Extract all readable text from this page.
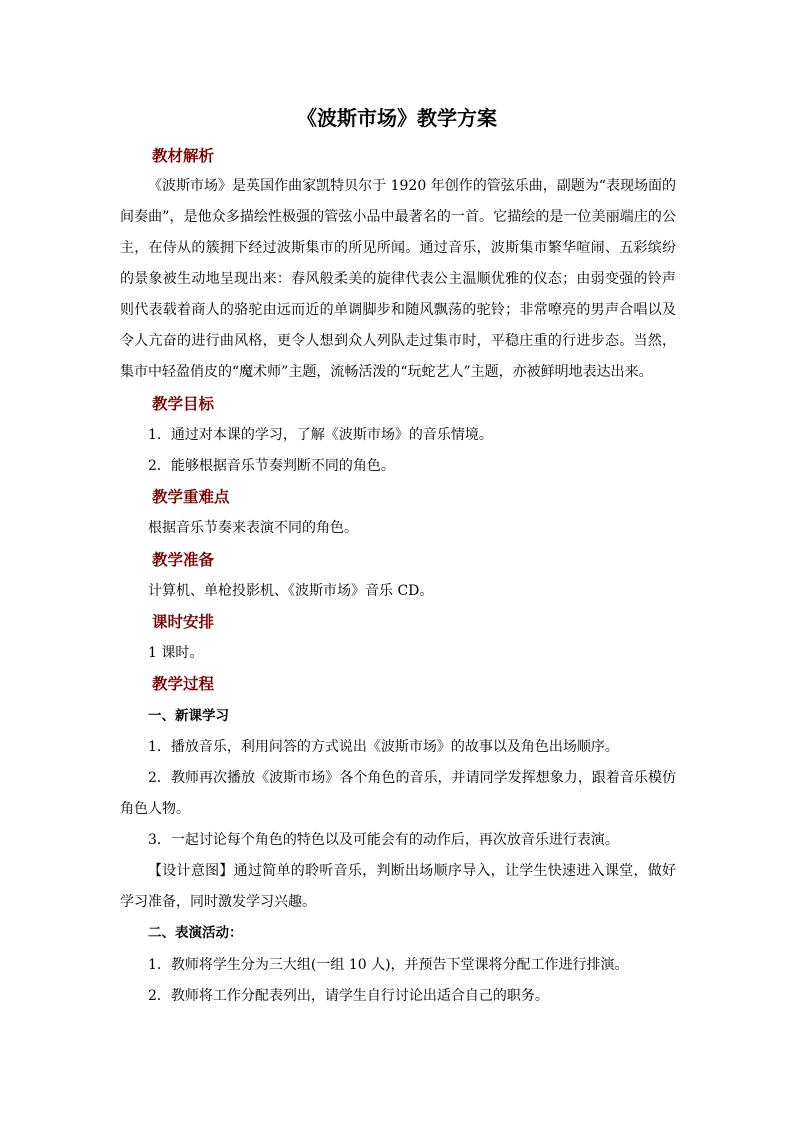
《波斯市场》教学方案
教材解析
《波斯市场》是英国作曲家凯特贝尔于 1920 年创作的管弦乐曲，副题为“表现场面的间奏曲”，是他众多描绘性极强的管弦小品中最著名的一首。它描绘的是一位美丽端庄的公主，在侍从的簇拥下经过波斯集市的所见所闻。通过音乐，波斯集市繁华喧闹、五彩缤纷的景象被生动地呈现出来：春风般柔美的旋律代表公主温顺优雅的仪态；由弱变强的铃声则代表载着商人的骆驼由远而近的单调脚步和随风飘荡的驼铃；非常嘹亮的男声合唱以及令人亢奋的进行曲风格，更令人想到众人列队走过集市时，平稳庄重的行进步态。当然，集市中轻盈俏皮的“魔术师”主题，流畅活泼的“玩蛇艺人”主题，亦被鲜明地表达出来。
教学目标
1．通过对本课的学习，了解《波斯市场》的音乐情境。
2．能够根据音乐节奏判断不同的角色。
教学重难点
根据音乐节奏来表演不同的角色。
教学准备
计算机、单枪投影机、《波斯市场》音乐 CD。
课时安排
1 课时。
教学过程
一、新课学习
1．播放音乐，利用问答的方式说出《波斯市场》的故事以及角色出场顺序。
2．教师再次播放《波斯市场》各个角色的音乐，并请同学发挥想象力，跟着音乐模仿角色人物。
3．一起讨论每个角色的特色以及可能会有的动作后，再次放音乐进行表演。
【设计意图】通过简单的聆听音乐，判断出场顺序导入，让学生快速进入课堂，做好学习准备，同时激发学习兴趣。
二、表演活动：
1．教师将学生分为三大组(一组 10 人)，并预告下堂课将分配工作进行排演。
2．教师将工作分配表列出，请学生自行讨论出适合自己的职务。
